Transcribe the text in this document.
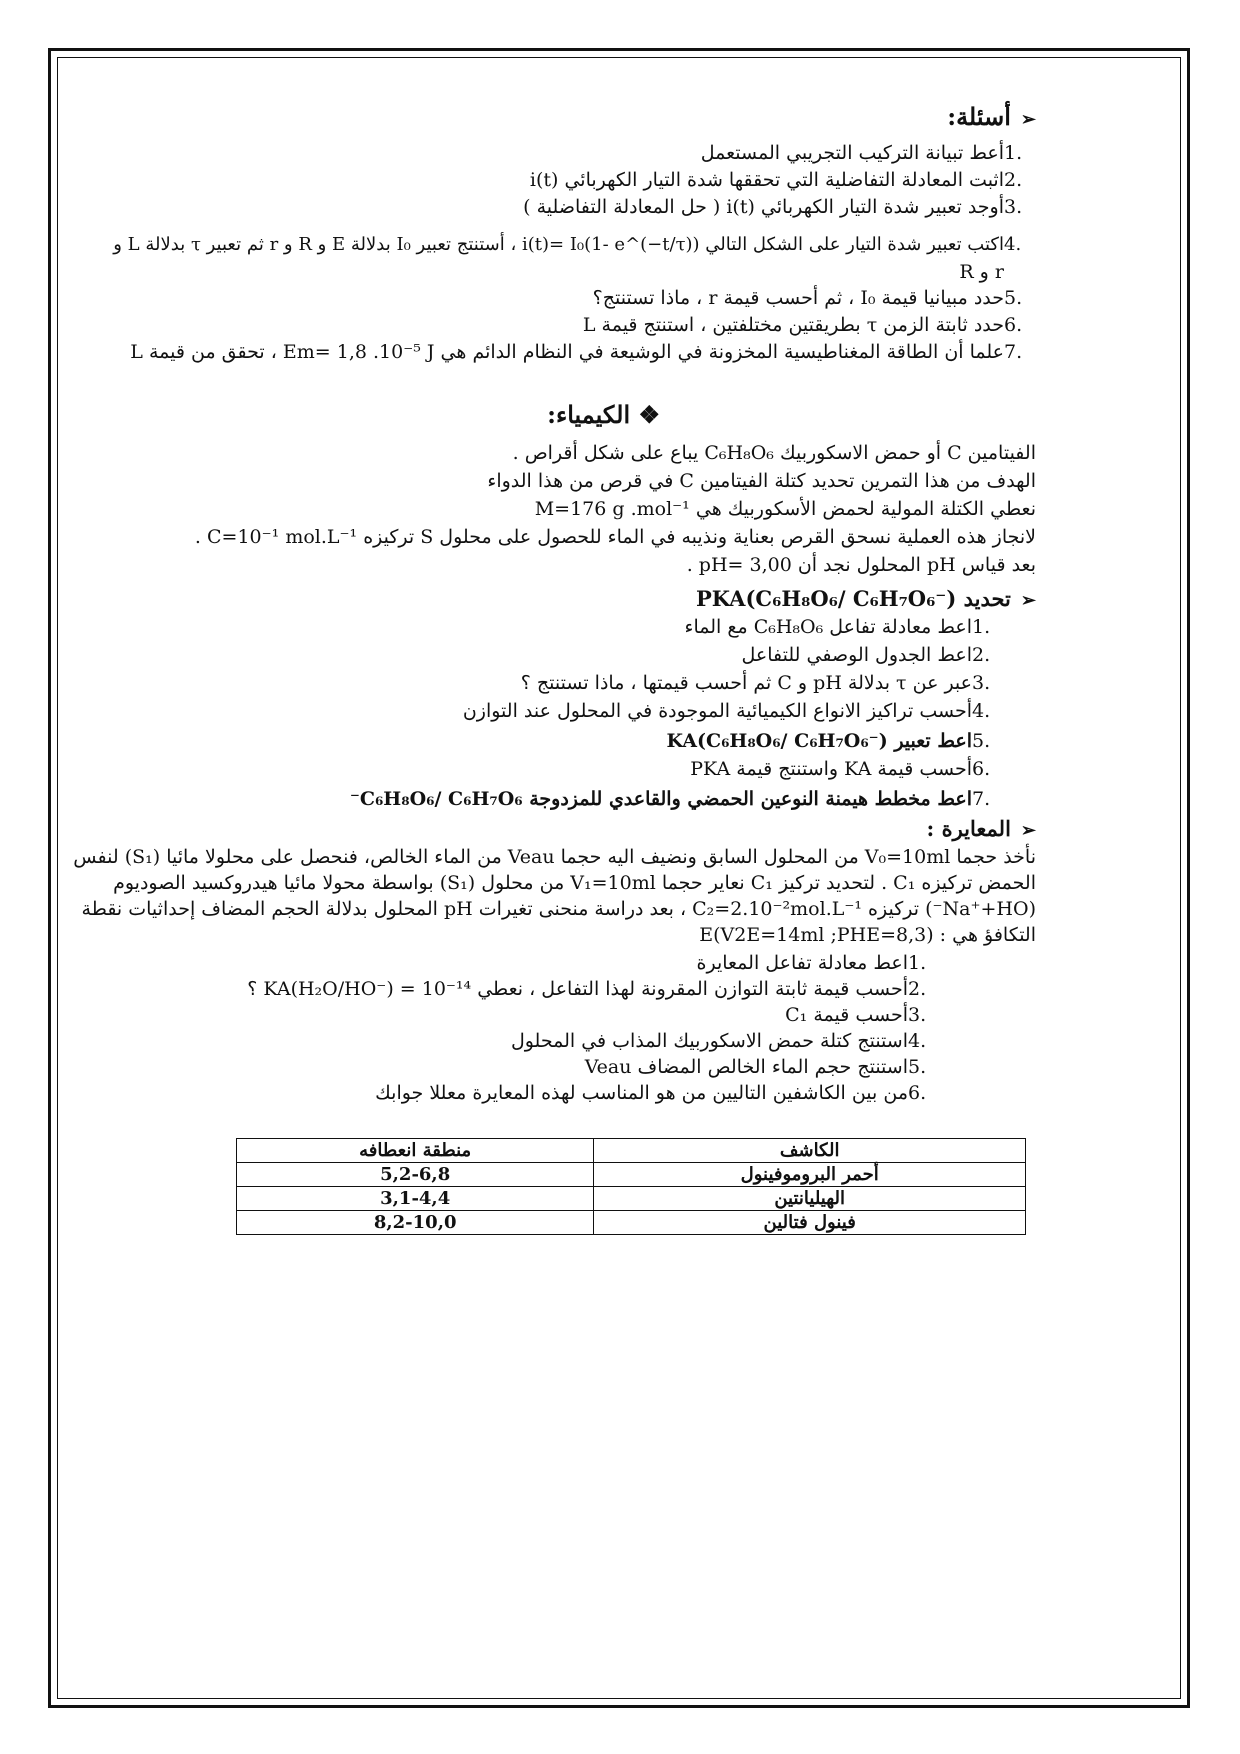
➢أسئلة:
.1أعط تبيانة التركيب التجريبي المستعمل
.2اثبت المعادلة التفاضلية التي تحققها شدة التيار الكهربائي i(t)
.3أوجد تعبير شدة التيار الكهربائي i(t) ( حل المعادلة التفاضلية )
.4اكتب تعبير شدة التيار على الشكل التالي i(t)= I₀(1- e^(−t/τ)) ، أستنتج تعبير I₀ بدلالة E و R و r ثم تعبير τ بدلالة L و
r و R
.5حدد مبيانيا قيمة I₀ ، ثم أحسب قيمة r ، ماذا تستنتج؟
.6حدد ثابتة الزمن τ بطريقتين مختلفتين ، استنتج قيمة L
.7علما أن الطاقة المغناطيسية المخزونة في الوشيعة في النظام الدائم هي Em= 1,8 .10⁻⁵ J ، تحقق من قيمة L
❖ الكيمياء:
الفيتامين C أو حمض الاسكوربيك C₆H₈O₆ يباع على شكل أقراص .
الهدف من هذا التمرين تحديد كتلة الفيتامين C في قرص من هذا الدواء
نعطي الكتلة المولية لحمض الأسكوربيك هي M=176 g .mol⁻¹
لانجاز هذه العملية نسحق القرص بعناية ونذيبه في الماء للحصول على محلول S تركيزه C=10⁻¹ mol.L⁻¹ .
بعد قياس pH المحلول نجد أن pH= 3,00 .
➢تحديد PKA(C₆H₈O₆/ C₆H₇O₆⁻)
.1اعط معادلة تفاعل C₆H₈O₆ مع الماء
.2اعط الجدول الوصفي للتفاعل
.3عبر عن τ بدلالة pH و C ثم أحسب قيمتها ، ماذا تستنتج ؟
.4أحسب تراكيز الانواع الكيميائية الموجودة في المحلول عند التوازن
.5اعط تعبير KA(C₆H₈O₆/ C₆H₇O₆⁻)
.6أحسب قيمة KA واستنتج قيمة PKA
.7اعط مخطط هيمنة النوعين الحمضي والقاعدي للمزدوجة C₆H₈O₆/ C₆H₇O₆⁻
➢المعايرة :
نأخذ حجما V₀=10ml من المحلول السابق ونضيف اليه حجما Veau من الماء الخالص، فنحصل على محلولا مائيا (S₁) لنفس
الحمض تركيزه C₁ . لتحديد تركيز C₁ نعاير حجما V₁=10ml من محلول (S₁) بواسطة محولا مائيا هيدروكسيد الصوديوم
(Na⁺+HO⁻) تركيزه C₂=2.10⁻²mol.L⁻¹ ، بعد دراسة منحنى تغيرات pH المحلول بدلالة الحجم المضاف إحداثيات نقطة
التكافؤ هي : E(V2E=14ml ;PHE=8,3)
.1اعط معادلة تفاعل المعايرة
.2أحسب قيمة ثابتة التوازن المقرونة لهذا التفاعل ، نعطي KA(H₂O/HO⁻) = 10⁻¹⁴ ؟
.3أحسب قيمة C₁
.4استنتج كتلة حمض الاسكوربيك المذاب في المحلول
.5استنتج حجم الماء الخالص المضاف Veau
.6من بين الكاشفين التاليين من هو المناسب لهذه المعايرة معللا جوابك
الكاشف	منطقة انعطافه
أحمر البروموفينول	5,2-6,8
الهيليانتين	3,1-4,4
فينول فتالين	8,2-10,0
